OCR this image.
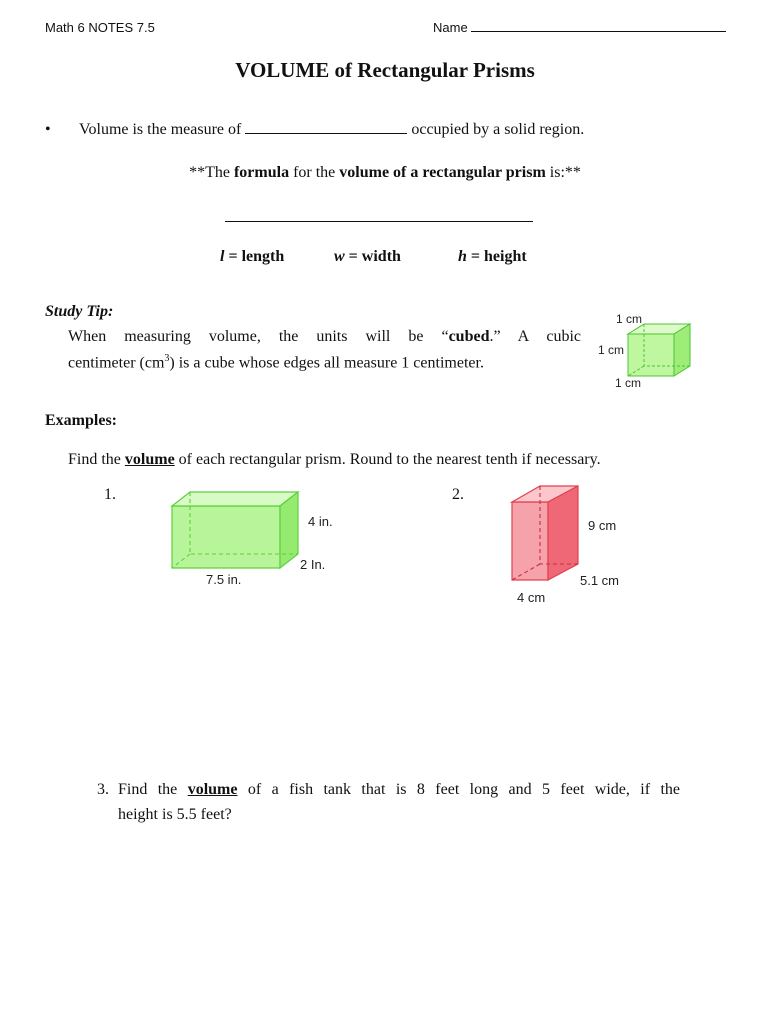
Math 6 NOTES 7.5	Name
VOLUME of Rectangular Prisms
• Volume is the measure of	occupied by a solid region.
**The formula for the volume of a rectangular prism is:**
l = length	w = width	h = height
Study Tip:
When measuring volume, the units will be “cubed.” A cubic
centimeter $(cm^3)$ is a cube whose edges all measure 1 centimeter.
1 cm
1 cm
1 cm
Examples:
Find the volume of each rectangular prism. Round to the nearest tenth if necessary.
1.
4 in.
2 In.
7.5 in.
2.
9 cm
5.1 cm
4 cm
3. Find the volume of a fish tank that is 8 feet long and 5 feet wide, if the
height is 5.5 feet?
